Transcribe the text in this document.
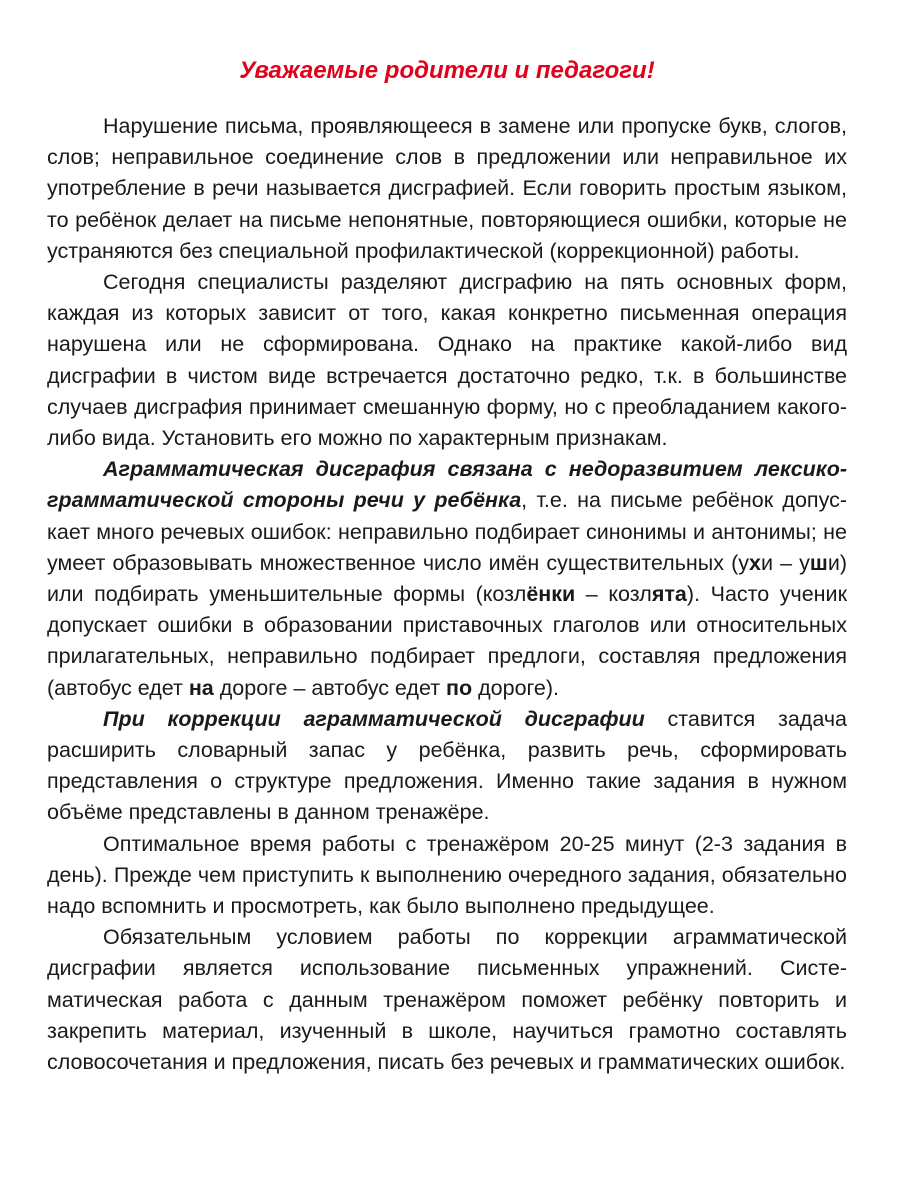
Уважаемые родители и педагоги!

Нарушение письма, проявляющееся в замене или пропуске букв, слогов, слов; неправильное соединение слов в предложении или неправильное их употребление в речи называется дисграфией. Если говорить простым языком, то ребёнок делает на письме непонятные, повторяющиеся ошибки, которые не устраняются без специальной профилактической (коррекционной) работы.

Сегодня специалисты разделяют дисграфию на пять основных форм, каждая из которых зависит от того, какая конкретно письменная операция нарушена или не сформирована. Однако на практике какой-либо вид дисграфии в чистом виде встречается достаточно редко, т.к. в большинстве случаев дисграфия принимает смешанную форму, но с преобладанием какого-либо вида. Установить его можно по характерным признакам.

Аграмматическая дисграфия связана с недоразвитием лексико-грамматической стороны речи у ребёнка, т.е. на письме ребёнок допускает много речевых ошибок: неправильно подбирает синонимы и антонимы; не умеет образовывать множественное число имён существительных (ухи – уши) или подбирать уменьшительные формы (козлёнки – козлята). Часто ученик допускает ошибки в образовании приставочных глаголов или относительных прилагательных, неправильно подбирает предлоги, составляя предложения (автобус едет на дороге – автобус едет по дороге).

При коррекции аграмматической дисграфии ставится задача расширить словарный запас у ребёнка, развить речь, сформировать представления о структуре предложения. Именно такие задания в нужном объёме представлены в данном тренажёре.

Оптимальное время работы с тренажёром 20-25 минут (2-3 задания в день). Прежде чем приступить к выполнению очередного задания, обязательно надо вспомнить и просмотреть, как было выполнено предыдущее.

Обязательным условием работы по коррекции аграмматической дисграфии является использование письменных упражнений. Систематическая работа с данным тренажёром поможет ребёнку повторить и закрепить материал, изученный в школе, научиться грамотно составлять словосочетания и предложения, писать без речевых и грамматических ошибок.
